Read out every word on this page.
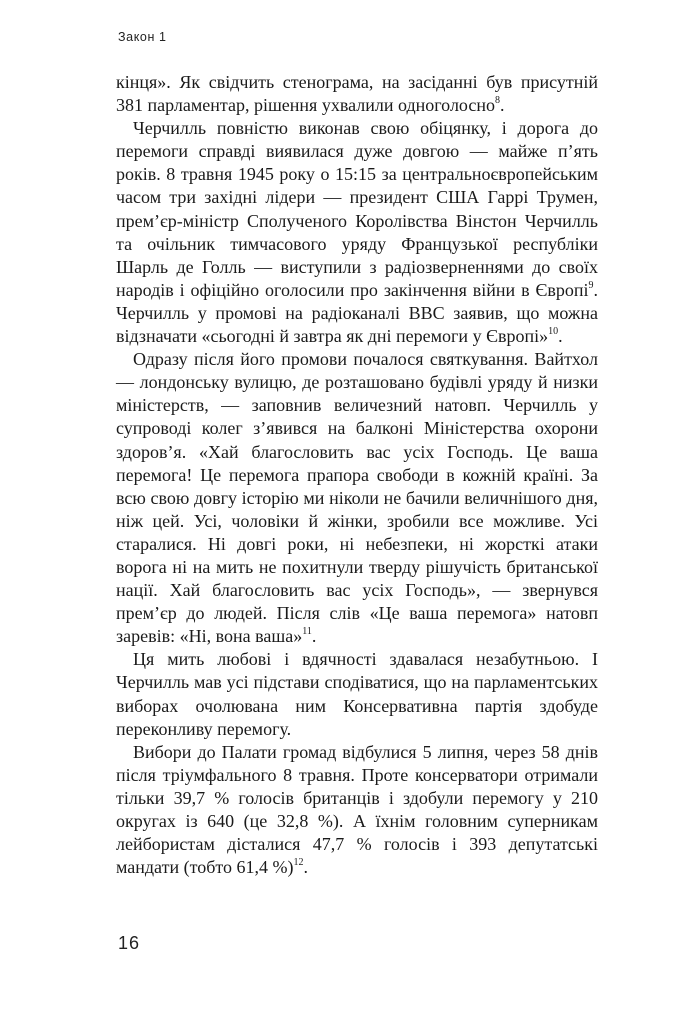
Закон 1

кінця». Як свідчить стенограма, на засіданні був присутній 381 парламентар, рішення ухвалили одноголосно$^8$.

Черчилль повністю виконав свою обіцянку, і дорога до перемоги справді виявилася дуже довгою — майже п’ять років. 8 травня 1945 року о 15:15 за центральноєвропейським часом три західні лідери — президент США Гаррі Трумен, прем’єр-міністр Сполученого Королівства Вінстон Черчилль та очільник тимчасового уряду Французької республіки Шарль де Голль — виступили з радіозверненнями до своїх народів і офіційно оголосили про закінчення війни в Європі$^9$. Черчилль у промові на радіоканалі BBC заявив, що можна відзначати «сьогодні й завтра як дні перемоги у Європі»$^{10}$.

Одразу після його промови почалося святкування. Вайтхол — лондонську вулицю, де розташовано будівлі уряду й низки міністерств, — заповнив величезний натовп. Черчилль у супроводі колег з’явився на балконі Міністерства охорони здоров’я. «Хай благословить вас усіх Господь. Це ваша перемога! Це перемога прапора свободи в кожній країні. За всю свою довгу історію ми ніколи не бачили величнішого дня, ніж цей. Усі, чоловіки й жінки, зробили все можливе. Усі старалися. Ні довгі роки, ні небезпеки, ні жорсткі атаки ворога ні на мить не похитнули тверду рішучість британської нації. Хай благословить вас усіх Господь», — звернувся прем’єр до людей. Після слів «Це ваша перемога» натовп заревів: «Ні, вона ваша»$^{11}$.

Ця мить любові і вдячності здавалася незабутньою. І Черчилль мав усі підстави сподіватися, що на парламентських виборах очолювана ним Консервативна партія здобуде переконливу перемогу.

Вибори до Палати громад відбулися 5 липня, через 58 днів після тріумфального 8 травня. Проте консерватори отримали тільки 39,7 % голосів британців і здобули перемогу у 210 округах із 640 (це 32,8 %). А їхнім головним суперникам лейбористам дісталися 47,7 % голосів і 393 депутатські мандати (тобто 61,4 %)$^{12}$.

16
